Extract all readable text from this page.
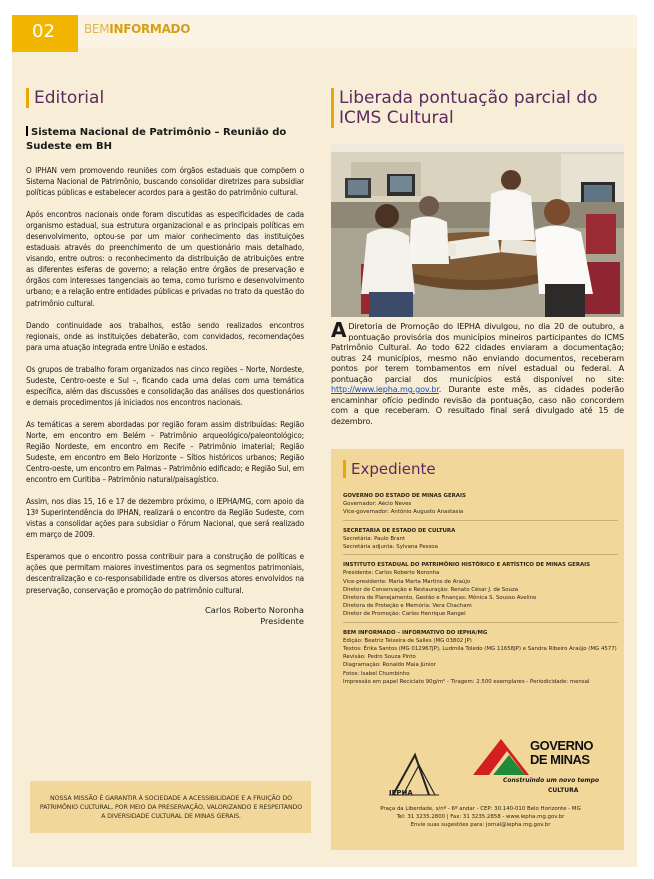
02	BEMINFORMADO
Editorial
Sistema Nacional de Patrimônio – Reunião do Sudeste em BH

O IPHAN vem promovendo reuniões com órgãos estaduais que compõem o Sistema Nacional de Patrimônio, buscando consolidar diretrizes para subsidiar políticas públicas e estabelecer acordos para a gestão do patrimônio cultural.

Após encontros nacionais onde foram discutidas as especificidades de cada organismo estadual, sua estrutura organizacional e as principais políticas em desenvolvimento, optou-se por um maior conhecimento das instituições estaduais através do preenchimento de um questionário mais detalhado, visando, entre outros: o reconhecimento da distribuição de atribuições entre as diferentes esferas de governo; a relação entre órgãos de preservação e órgãos com interesses tangenciais ao tema, como turismo e desenvolvimento urbano; e a relação entre entidades públicas e privadas no trato da questão do patrimônio cultural.

Dando continuidade aos trabalhos, estão sendo realizados encontros regionais, onde as instituições debaterão, com convidados, recomendações para uma atuação integrada entre União e estados.

Os grupos de trabalho foram organizados nas cinco regiões – Norte, Nordeste, Sudeste, Centro-oeste e Sul –, ficando cada uma delas com uma temática específica, além das discussões e consolidação das análises dos questionários e demais procedimentos já iniciados nos encontros nacionais.

As temáticas a serem abordadas por região foram assim distribuídas: Região Norte, em encontro em Belém – Patrimônio arqueológico/paleontológico; Região Nordeste, em encontro em Recife – Patrimônio imaterial; Região Sudeste, em encontro em Belo Horizonte – Sítios históricos urbanos; Região Centro-oeste, um encontro em Palmas – Patrimônio edificado; e Região Sul, em encontro em Curitiba – Patrimônio natural/paisagístico.

Assim, nos dias 15, 16 e 17 de dezembro próximo, o IEPHA/MG, com apoio da 13ª Superintendência do IPHAN, realizará o encontro da Região Sudeste, com vistas a consolidar ações para subsidiar o Fórum Nacional, que será realizado em março de 2009.

Esperamos que o encontro possa contribuir para a construção de políticas e ações que permitam maiores investimentos para os segmentos patrimoniais, descentralização e co-responsabilidade entre os diversos atores envolvidos na preservação, conservação e promoção do patrimônio cultural.

Carlos Roberto Noronha
Presidente
NOSSA MISSÃO É GARANTIR À SOCIEDADE A ACESSIBILIDADE E A FRUIÇÃO DO PATRIMÔNIO CULTURAL, POR MEIO DA PRESERVAÇÃO, VALORIZANDO E RESPEITANDO A DIVERSIDADE CULTURAL DE MINAS GERAIS.
Liberada pontuação parcial do ICMS Cultural
A Diretoria de Promoção do IEPHA divulgou, no dia 20 de outubro, a pontuação provisória dos municípios mineiros participantes do ICMS Patrimônio Cultural. Ao todo 622 cidades enviaram a documentação; outras 24 municípios, mesmo não enviando documentos, receberam pontos por terem tombamentos em nível estadual ou federal. A pontuação parcial dos municípios está disponível no site: http://www.iepha.mg.gov.br. Durante este mês, as cidades poderão encaminhar ofício pedindo revisão da pontuação, caso não concordem com a que receberam. O resultado final será divulgado até 15 de dezembro.
Expediente
GOVERNO DO ESTADO DE MINAS GERAIS
Governador: Aécio Neves
Vice-governador: Antônio Augusto Anastasia
SECRETARIA DE ESTADO DE CULTURA
Secretária: Paulo Brant
Secretária adjunta: Sylvana Pessoa
INSTITUTO ESTADUAL DO PATRIMÔNIO HISTÓRICO E ARTÍSTICO DE MINAS GERAIS
Presidente: Carlos Roberto Noronha
Vice-presidente: Maria Marta Martins de Araújo
Diretor de Conservação e Restauração: Renato César J. de Souza
Diretora de Planejamento, Gestão e Finanças: Mônica S. Sousso Avelino
Diretora de Proteção e Memória: Vera Chacham
Diretor de Promoção: Carlos Henrique Rangel
BEM INFORMADO – INFORMATIVO DO IEPHA/MG
Edição: Beatriz Teixeira de Salles (MG 03802 JP)
Textos: Érika Santos (MG 012967JP), Ludmila Toledo (MG 11658JP) e Sandra Ribeiro Araújo (MG 4577)
Revisão: Pedro Souza Pinto
Diagramação: Ronaldo Maia Júnior
Fotos: Isabel Chumbinho
Impressão em papel Reciclato 90g/m² - Tiragem: 2.500 exemplares - Periodicidade: mensal
IEPHA
GOVERNO
DE MINAS
Construindo um novo tempo
CULTURA
Praça da Liberdade, s/nº - 6º andar - CEP: 30.140-010 Belo Horizonte - MG
Tel: 31 3235.2800 | Fax: 31 3235.2858 - www.iepha.mg.gov.br
Envie suas sugestões para: jornal@iepha.mg.gov.br
